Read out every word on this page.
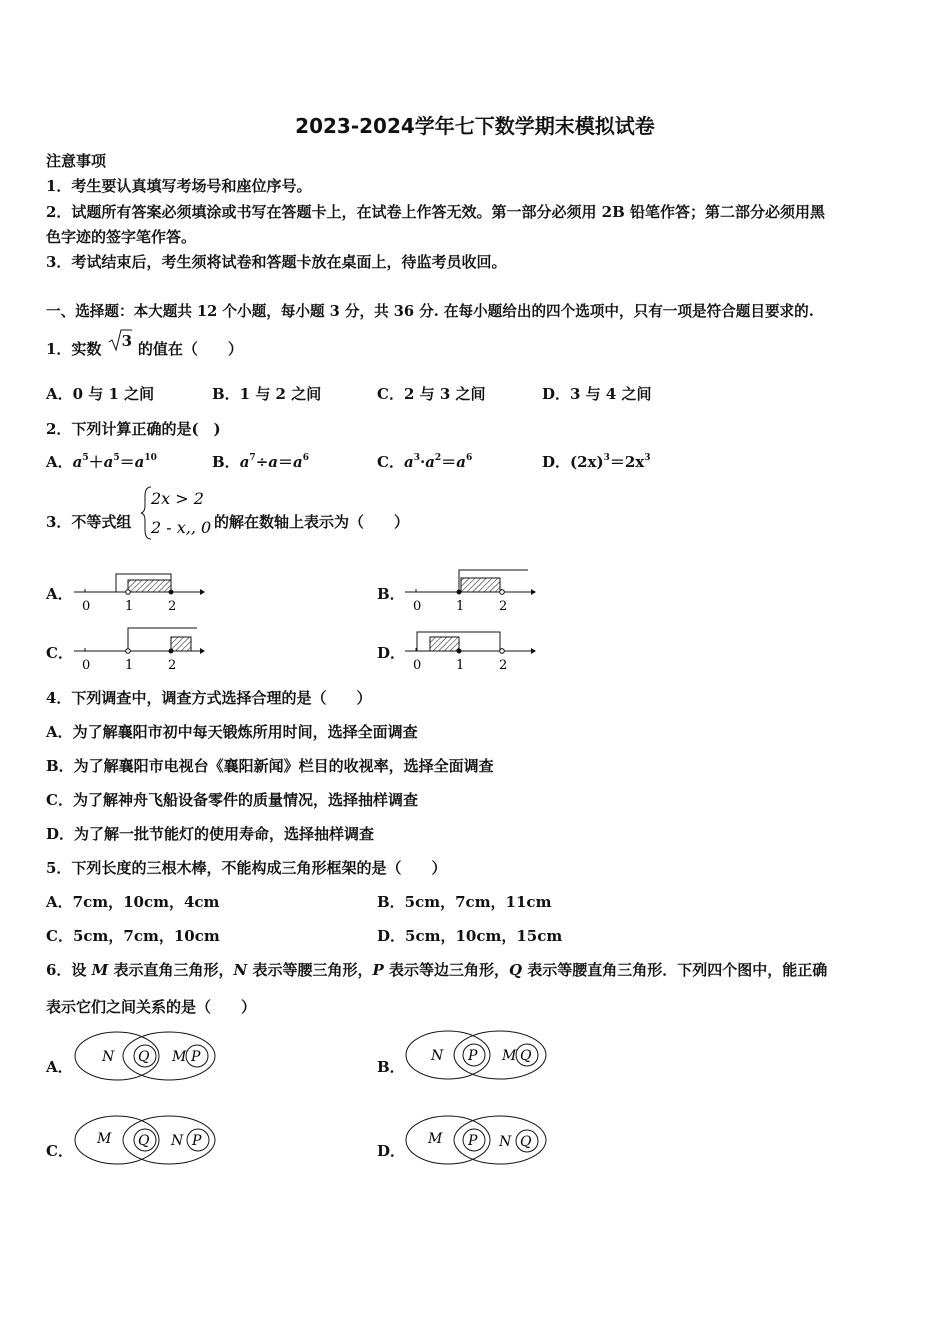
2023-2024学年七下数学期末模拟试卷
注意事项
1．考生要认真填写考场号和座位序号。
2．试题所有答案必须填涂或书写在答题卡上，在试卷上作答无效。第一部分必须用 2B 铅笔作答；第二部分必须用黑
色字迹的签字笔作答。
3．考试结束后，考生须将试卷和答题卡放在桌面上，待监考员收回。
一、选择题：本大题共 12 个小题，每小题 3 分，共 36 分. 在每小题给出的四个选项中，只有一项是符合题目要求的.
1．实数 3 的值在（　　）
A．0 与 1 之间	B．1 与 2 之间	C．2 与 3 之间	D．3 与 4 之间
2．下列计算正确的是(　)
A．$a^5+a^5=a^{10}$	B．$a^7\div a=a^6$	C．$a^3\cdot a^2=a^6$	D．$(2x)^3=2x^3$
3．不等式组
2x > 2
2 - x,, 0 的解在数轴上表示为（　　）
A．
0	1	2
B．
0	1	2
C．
0	1	2
D．
0	1	2
4．下列调查中，调查方式选择合理的是（　　）
A．为了解襄阳市初中每天锻炼所用时间，选择全面调查
B．为了解襄阳市电视台《襄阳新闻》栏目的收视率，选择全面调查
C．为了解神舟飞船设备零件的质量情况，选择抽样调查
D．为了解一批节能灯的使用寿命，选择抽样调查
5．下列长度的三根木棒，不能构成三角形框架的是（　　）
A．7cm，10cm，4cm	B．5cm，7cm，11cm
C．5cm，7cm，10cm	D．5cm，10cm，15cm
6．设 M 表示直角三角形，N 表示等腰三角形，P 表示等边三角形，Q 表示等腰直角三角形．下列四个图中，能正确
表示它们之间关系的是（　　）
A．
N Q M P
B．
N P M Q
C．
M Q N P
D．
M P N Q
